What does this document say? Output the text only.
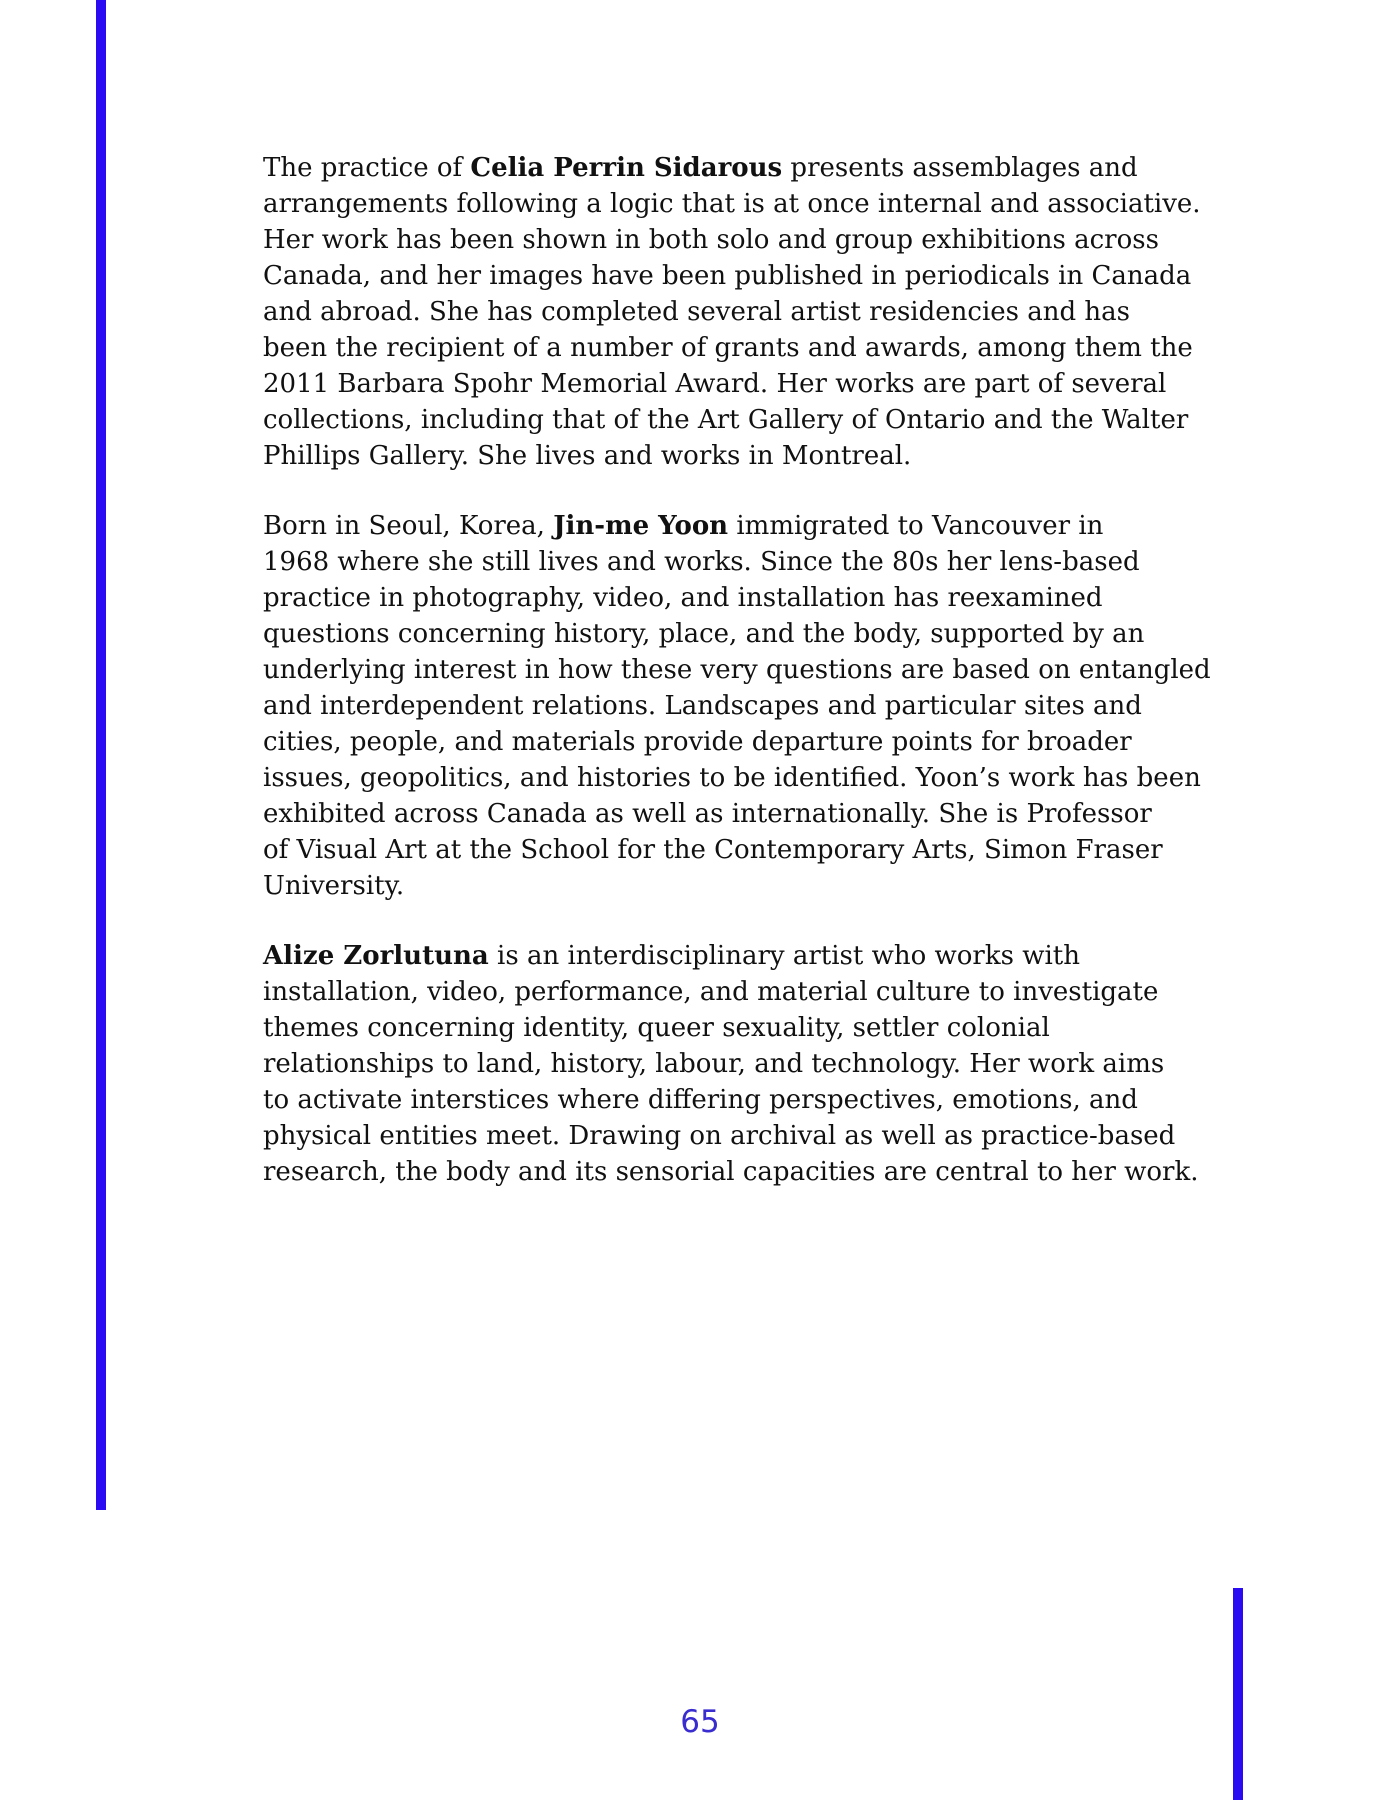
The practice of Celia Perrin Sidarous presents assemblages and
arrangements following a logic that is at once internal and associative.
Her work has been shown in both solo and group exhibitions across
Canada, and her images have been published in periodicals in Canada
and abroad. She has completed several artist residencies and has
been the recipient of a number of grants and awards, among them the
2011 Barbara Spohr Memorial Award. Her works are part of several
collections, including that of the Art Gallery of Ontario and the Walter
Phillips Gallery. She lives and works in Montreal.

Born in Seoul, Korea, Jin-me Yoon immigrated to Vancouver in
1968 where she still lives and works. Since the 80s her lens-based
practice in photography, video, and installation has reexamined
questions concerning history, place, and the body, supported by an
underlying interest in how these very questions are based on entangled
and interdependent relations. Landscapes and particular sites and
cities, people, and materials provide departure points for broader
issues, geopolitics, and histories to be identified. Yoon’s work has been
exhibited across Canada as well as internationally. She is Professor
of Visual Art at the School for the Contemporary Arts, Simon Fraser
University.

Alize Zorlutuna is an interdisciplinary artist who works with
installation, video, performance, and material culture to investigate
themes concerning identity, queer sexuality, settler colonial
relationships to land, history, labour, and technology. Her work aims
to activate interstices where differing perspectives, emotions, and
physical entities meet. Drawing on archival as well as practice-based
research, the body and its sensorial capacities are central to her work.

65
